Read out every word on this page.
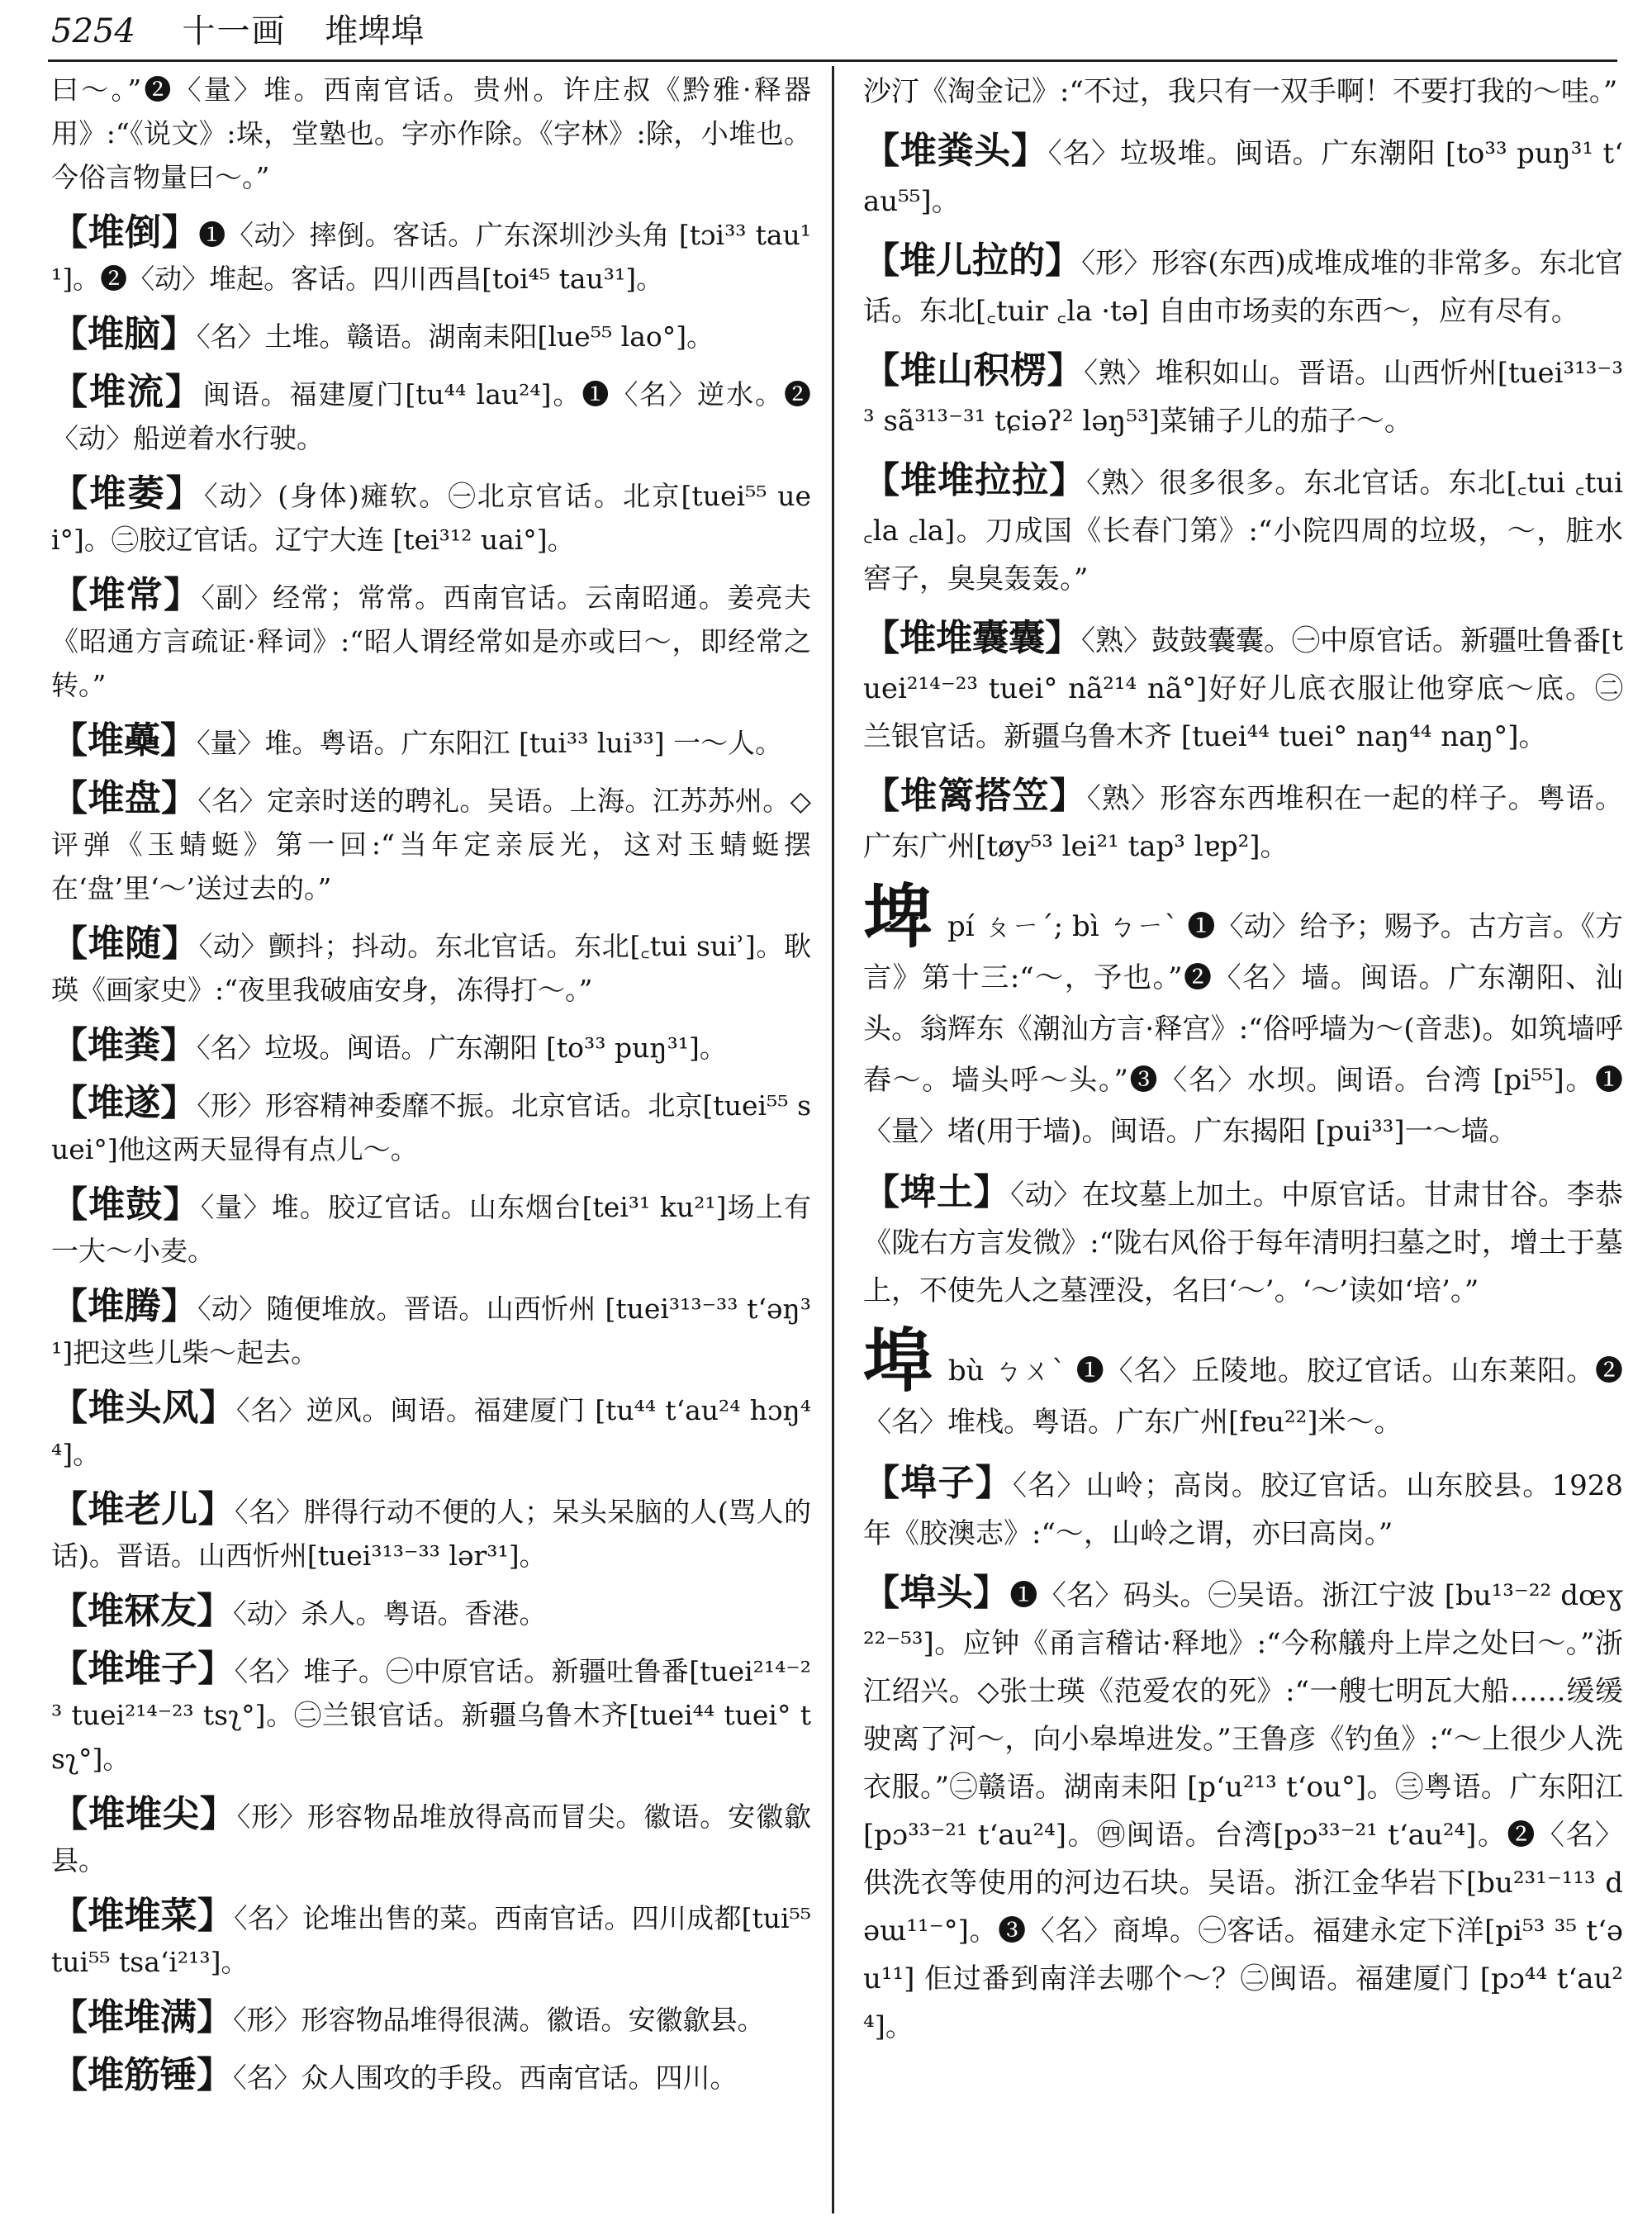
5254 十一画 堆埤埠
曰～。”❷〈量〉堆。西南官话。贵州。许庄叔《黔雅·释器用》:“《说文》:垛，堂塾也。字亦作除。《字林》:除，小堆也。今俗言物量曰～。”
【堆倒】❶〈动〉摔倒。客话。广东深圳沙头角 [tɔi³³ tau¹¹]。❷〈动〉堆起。客话。四川西昌[toi⁴⁵ tau³¹]。
【堆脑】〈名〉土堆。赣语。湖南耒阳[lue⁵⁵ lao°]。
【堆流】闽语。福建厦门[tu⁴⁴ lau²⁴]。❶〈名〉逆水。❷〈动〉船逆着水行驶。
【堆萎】〈动〉(身体)瘫软。㊀北京官话。北京[tuei⁵⁵ uei°]。㊁胶辽官话。辽宁大连 [tei³¹² uai°]。
【堆常】〈副〉经常；常常。西南官话。云南昭通。姜亮夫《昭通方言疏证·释词》:“昭人谓经常如是亦或曰～，即经常之转。”
【堆蘽】〈量〉堆。粤语。广东阳江 [tui³³ lui³³] 一～人。
【堆盘】〈名〉定亲时送的聘礼。吴语。上海。江苏苏州。◇评弹《玉蜻蜓》第一回:“当年定亲辰光，这对玉蜻蜓摆在‘盘’里‘～’送过去的。”
【堆随】〈动〉颤抖；抖动。东北官话。东北[꜀tui suiʾ]。耿瑛《画家史》:“夜里我破庙安身，冻得打～。”
【堆粪】〈名〉垃圾。闽语。广东潮阳 [to³³ puŋ³¹]。
【堆遂】〈形〉形容精神委靡不振。北京官话。北京[tuei⁵⁵ suei°]他这两天显得有点儿～。
【堆鼓】〈量〉堆。胶辽官话。山东烟台[tei³¹ ku²¹]场上有一大～小麦。
【堆腾】〈动〉随便堆放。晋语。山西忻州 [tuei³¹³⁻³³ tʻəŋ³¹]把这些儿柴～起去。
【堆头风】〈名〉逆风。闽语。福建厦门 [tu⁴⁴ tʻau²⁴ hɔŋ⁴⁴]。
【堆老儿】〈名〉胖得行动不便的人；呆头呆脑的人(骂人的话)。晋语。山西忻州[tuei³¹³⁻³³ lər³¹]。
【堆冧友】〈动〉杀人。粤语。香港。
【堆堆子】〈名〉堆子。㊀中原官话。新疆吐鲁番[tuei²¹⁴⁻²³ tuei²¹⁴⁻²³ tsʅ°]。㊁兰银官话。新疆乌鲁木齐[tuei⁴⁴ tuei° tsʅ°]。
【堆堆尖】〈形〉形容物品堆放得高而冒尖。徽语。安徽歙县。
【堆堆菜】〈名〉论堆出售的菜。西南官话。四川成都[tui⁵⁵ tui⁵⁵ tsaʻi²¹³]。
【堆堆满】〈形〉形容物品堆得很满。徽语。安徽歙县。
【堆筋锤】〈名〉众人围攻的手段。西南官话。四川。
沙汀《淘金记》:“不过，我只有一双手啊！不要打我的～哇。”
【堆粪头】〈名〉垃圾堆。闽语。广东潮阳 [to³³ puŋ³¹ tʻau⁵⁵]。
【堆儿拉的】〈形〉形容(东西)成堆成堆的非常多。东北官话。东北[꜀tuir ꜀la ·tə] 自由市场卖的东西～，应有尽有。
【堆山积楞】〈熟〉堆积如山。晋语。山西忻州[tuei³¹³⁻³³ sã³¹³⁻³¹ tɕiəʔ² ləŋ⁵³]菜铺子儿的茄子～。
【堆堆拉拉】〈熟〉很多很多。东北官话。东北[꜀tui ꜀tui ꜀la ꜀la]。刀成国《长春门第》:“小院四周的垃圾，～，脏水窖子，臭臭轰轰。”
【堆堆囊囊】〈熟〉鼓鼓囊囊。㊀中原官话。新疆吐鲁番[tuei²¹⁴⁻²³ tuei° nã²¹⁴ nã°]好好儿底衣服让他穿底～底。㊁兰银官话。新疆乌鲁木齐 [tuei⁴⁴ tuei° naŋ⁴⁴ naŋ°]。
【堆篱搭笠】〈熟〉形容东西堆积在一起的样子。粤语。广东广州[tøy⁵³ lei²¹ tap³ lɐp²]。
埤pí ㄆㄧˊ; bì ㄅㄧˋ ❶〈动〉给予；赐予。古方言。《方言》第十三:“～，予也。”❷〈名〉墙。闽语。广东潮阳、汕头。翁辉东《潮汕方言·释宫》:“俗呼墙为～(音悲)。如筑墙呼舂～。墙头呼～头。”❸〈名〉水坝。闽语。台湾 [pi⁵⁵]。❶〈量〉堵(用于墙)。闽语。广东揭阳 [pui³³]一～墙。
【埤土】〈动〉在坟墓上加土。中原官话。甘肃甘谷。李恭《陇右方言发微》:“陇右风俗于每年清明扫墓之时，增土于墓上，不使先人之墓湮没，名曰‘～’。‘～’读如‘培’。”
埠bù ㄅㄨˋ ❶〈名〉丘陵地。胶辽官话。山东莱阳。❷〈名〉堆栈。粤语。广东广州[fɐu²²]米～。
【埠子】〈名〉山岭；高岗。胶辽官话。山东胶县。1928年《胶澳志》:“～，山岭之谓，亦曰高岗。”
【埠头】❶〈名〉码头。㊀吴语。浙江宁波 [bu¹³⁻²² dœɣ²²⁻⁵³]。应钟《甬言稽诂·释地》:“今称艤舟上岸之处曰～。”浙江绍兴。◇张士瑛《范爱农的死》:“一艘七明瓦大船……缓缓驶离了河～，向小皋埠进发。”王鲁彦《钓鱼》:“～上很少人洗衣服。”㊁赣语。湖南耒阳 [pʻu²¹³ tʻou°]。㊂粤语。广东阳江 [pɔ³³⁻²¹ tʻau²⁴]。㊃闽语。台湾[pɔ³³⁻²¹ tʻau²⁴]。❷〈名〉供洗衣等使用的河边石块。吴语。浙江金华岩下[bu²³¹⁻¹¹³ dəɯ¹¹⁻°]。❸〈名〉商埠。㊀客话。福建永定下洋[pi⁵³ ³⁵ tʻəu¹¹] 佢过番到南洋去哪个～？㊁闽语。福建厦门 [pɔ⁴⁴ tʻau²⁴]。
